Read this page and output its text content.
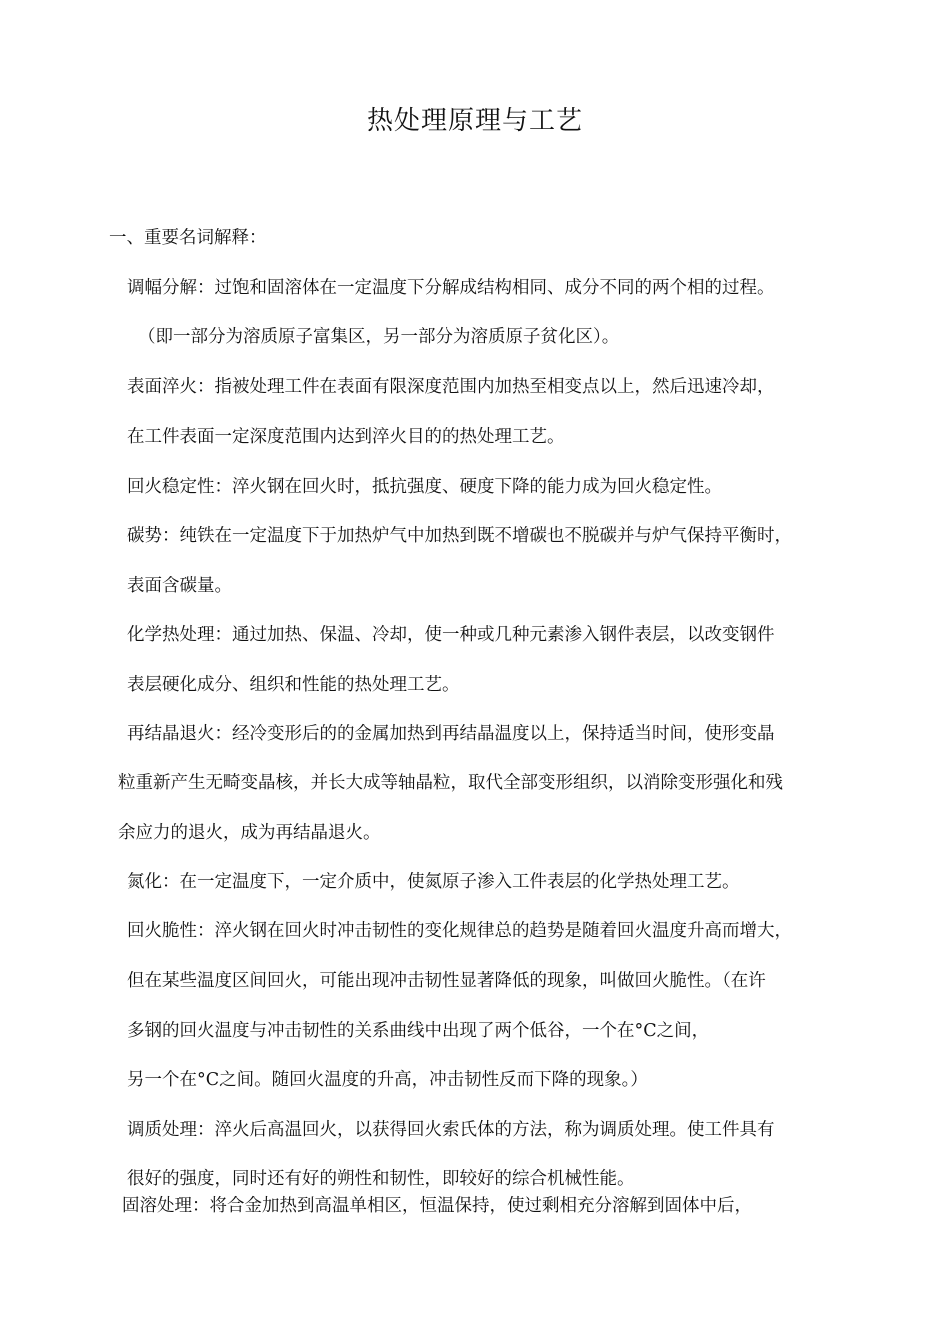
热处理原理与工艺
一、重要名词解释：
调幅分解：过饱和固溶体在一定温度下分解成结构相同、成分不同的两个相的过程。
（即一部分为溶质原子富集区，另一部分为溶质原子贫化区）。
表面淬火：指被处理工件在表面有限深度范围内加热至相变点以上，然后迅速冷却，
在工件表面一定深度范围内达到淬火目的的热处理工艺。
回火稳定性：淬火钢在回火时，抵抗强度、硬度下降的能力成为回火稳定性。
碳势：纯铁在一定温度下于加热炉气中加热到既不增碳也不脱碳并与炉气保持平衡时，
表面含碳量。
化学热处理：通过加热、保温、冷却，使一种或几种元素渗入钢件表层，以改变钢件
表层硬化成分、组织和性能的热处理工艺。
再结晶退火：经冷变形后的的金属加热到再结晶温度以上，保持适当时间，使形变晶
粒重新产生无畸变晶核，并长大成等轴晶粒，取代全部变形组织，以消除变形强化和残
余应力的退火，成为再结晶退火。
氮化：在一定温度下，一定介质中，使氮原子渗入工件表层的化学热处理工艺。
回火脆性：淬火钢在回火时冲击韧性的变化规律总的趋势是随着回火温度升高而增大，
但在某些温度区间回火，可能出现冲击韧性显著降低的现象，叫做回火脆性。（在许
多钢的回火温度与冲击韧性的关系曲线中出现了两个低谷，一个在°C之间，
另一个在°C之间。随回火温度的升高，冲击韧性反而下降的现象。）
调质处理：淬火后高温回火，以获得回火索氏体的方法，称为调质处理。使工件具有
很好的强度，同时还有好的朔性和韧性，即较好的综合机械性能。
固溶处理：将合金加热到高温单相区，恒温保持，使过剩相充分溶解到固体中后，
